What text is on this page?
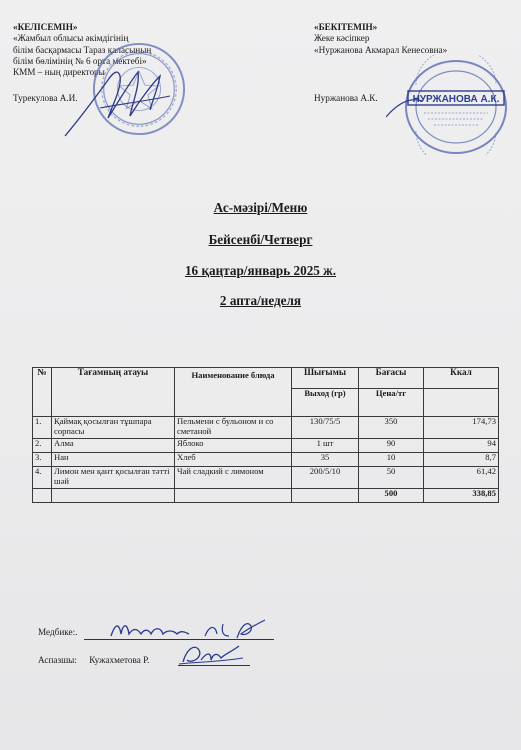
«КЕЛІСЕМІН»
«Жамбыл облысы әкімдігінің
білім басқармасы Тараз қаласының
білім бөлімінің № 6 орта мектебі»
КММ – ның директоры
Турекулова А.И.
«БЕКІТЕМІН»
Жеке кәсіпкер
«Нуржанова Акмарал Кенесовна»
Нуржанова А.К.	НУРЖАНОВА А.К.
Ас-мәзірі/Меню
Бейсенбі/Четверг
16 қаңтар/январь 2025 ж.
2 апта/неделя
№	Тағамның атауы	Наименование блюда	Шығымы	Бағасы	Ккал
			Выход (гр)	Цена/тг	
1.	Қаймақ қосылған тұшпара сорпасы	Пельмени с бульоном и со сметаной	130/75/5	350	174,73
2.	Алма	Яблоко	1 шт	90	94
3.	Нан	Хлеб	35	10	8,7
4.	Лимон мен қант қосылған тәтті шәй	Чай сладкий с лимоном	200/5/10	50	61,42
				500	338,85
Медбике:.
Аспазшы: Кужахметова Р.
